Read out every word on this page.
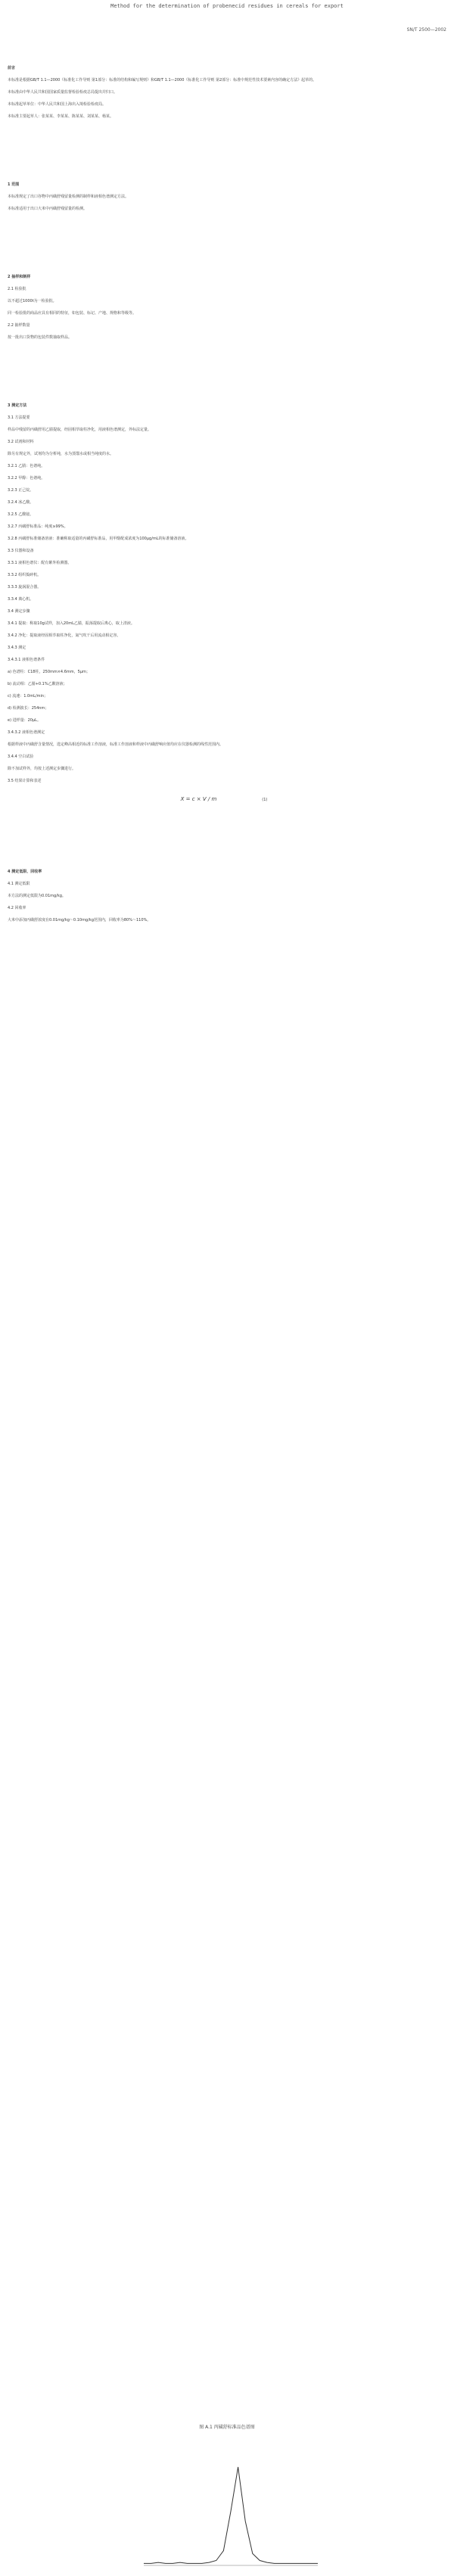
Method for the determination of probenecid residues in cereals for export
SN/T 2500—2002

前言

本标准是根据GB/T 1.1—2000《标准化工作导则 第1部分：标准的结构和编写规则》和GB/T 1.1—2000《标准化工作导则 第2部分：标准中规范性技术要素内容的确定方法》起草的。

本标准由中华人民共和国国家质量监督检验检疫总局提出并归口。

本标准起草单位：中华人民共和国上海出入境检验检疫局。

本标准主要起草人：张某某、李某某、陈某某、刘某某、杨某。

1 范围

本标准规定了出口谷物中丙磺舒残留量检测的制样和液相色谱测定方法。

本标准适用于出口大米中丙磺舒残留量的检测。

2 抽样和制样

2.1 检验批

以不超过1000t为一检验批。

同一检验批的商品应具有相同的特征，如包装、标记、产地、规格和等级等。

2.2 抽样数量

按一批出口货物的包装件数抽取样品。

3 测定方法

3.1 方法提要

样品中残留的丙磺舒用乙腈提取，经固相萃取柱净化，用液相色谱测定，外标法定量。

3.2 试剂和材料

除另有规定外，试剂均为分析纯，水为蒸馏水或相当纯度的水。

3.2.1 乙腈：色谱纯。

3.2.2 甲醇：色谱纯。

3.2.3 正己烷。

3.2.4 冰乙酸。

3.2.5 乙酸铵。

3.2.7 丙磺舒标准品：纯度≥99%。

3.2.8 丙磺舒标准储备溶液：准确称取适量的丙磺舒标准品，用甲醇配成浓度为100μg/mL的标准储备溶液。

3.3 仪器和设备

3.3.1 液相色谱仪：配有紫外检测器。

3.3.2 组织捣碎机。

3.3.3 旋涡混合器。

3.3.4 离心机。

3.4 测定步骤

3.4.1 提取：称取10g试样，加入20mL乙腈，振荡提取后离心，取上清液。

3.4.2 净化：提取液经固相萃取柱净化，氮气吹干后用流动相定容。

3.4.3 测定

3.4.3.1 液相色谱条件

a) 色谱柱：C18柱，250mm×4.6mm，5μm；

b) 流动相：乙腈+0.1%乙酸溶液；

c) 流速：1.0mL/min；

d) 检测波长：254nm；

e) 进样量：20μL。

3.4.3.2 液相色谱测定

根据样液中丙磺舒含量情况，选定峰高相近的标准工作溶液，标准工作溶液和样液中丙磺舒响应值均应在仪器检测的线性范围内。

3.4.4 空白试验

除不加试样外，均按上述测定步骤进行。

3.5 结果计算和表述

X = c × V / m	(1)

4 测定低限、回收率

4.1 测定低限

本方法的测定低限为0.01mg/kg。

4.2 回收率

大米中添加丙磺舒浓度在0.01mg/kg～0.10mg/kg范围内，回收率为80%～110%。

图 A.1 丙磺舒标准品色谱图
